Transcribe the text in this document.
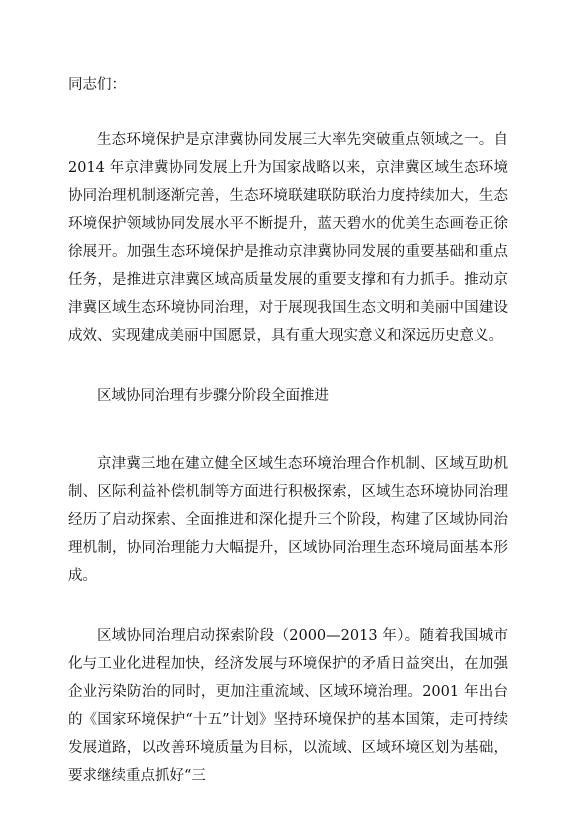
同志们：

生态环境保护是京津冀协同发展三大率先突破重点领域之一。自 2014 年京津冀协同发展上升为国家战略以来，京津冀区域生态环境协同治理机制逐渐完善，生态环境联建联防联治力度持续加大，生态环境保护领域协同发展水平不断提升，蓝天碧水的优美生态画卷正徐徐展开。加强生态环境保护是推动京津冀协同发展的重要基础和重点任务，是推进京津冀区域高质量发展的重要支撑和有力抓手。推动京津冀区域生态环境协同治理，对于展现我国生态文明和美丽中国建设成效、实现建成美丽中国愿景，具有重大现实意义和深远历史意义。

区域协同治理有步骤分阶段全面推进

京津冀三地在建立健全区域生态环境治理合作机制、区域互助机制、区际利益补偿机制等方面进行积极探索，区域生态环境协同治理经历了启动探索、全面推进和深化提升三个阶段，构建了区域协同治理机制，协同治理能力大幅提升，区域协同治理生态环境局面基本形成。

区域协同治理启动探索阶段（2000—2013 年）。随着我国城市化与工业化进程加快，经济发展与环境保护的矛盾日益突出，在加强企业污染防治的同时，更加注重流域、区域环境治理。2001 年出台的《国家环境保护“十五”计划》坚持环境保护的基本国策，走可持续发展道路，以改善环境质量为目标，以流域、区域环境区划为基础，要求继续重点抓好“三
